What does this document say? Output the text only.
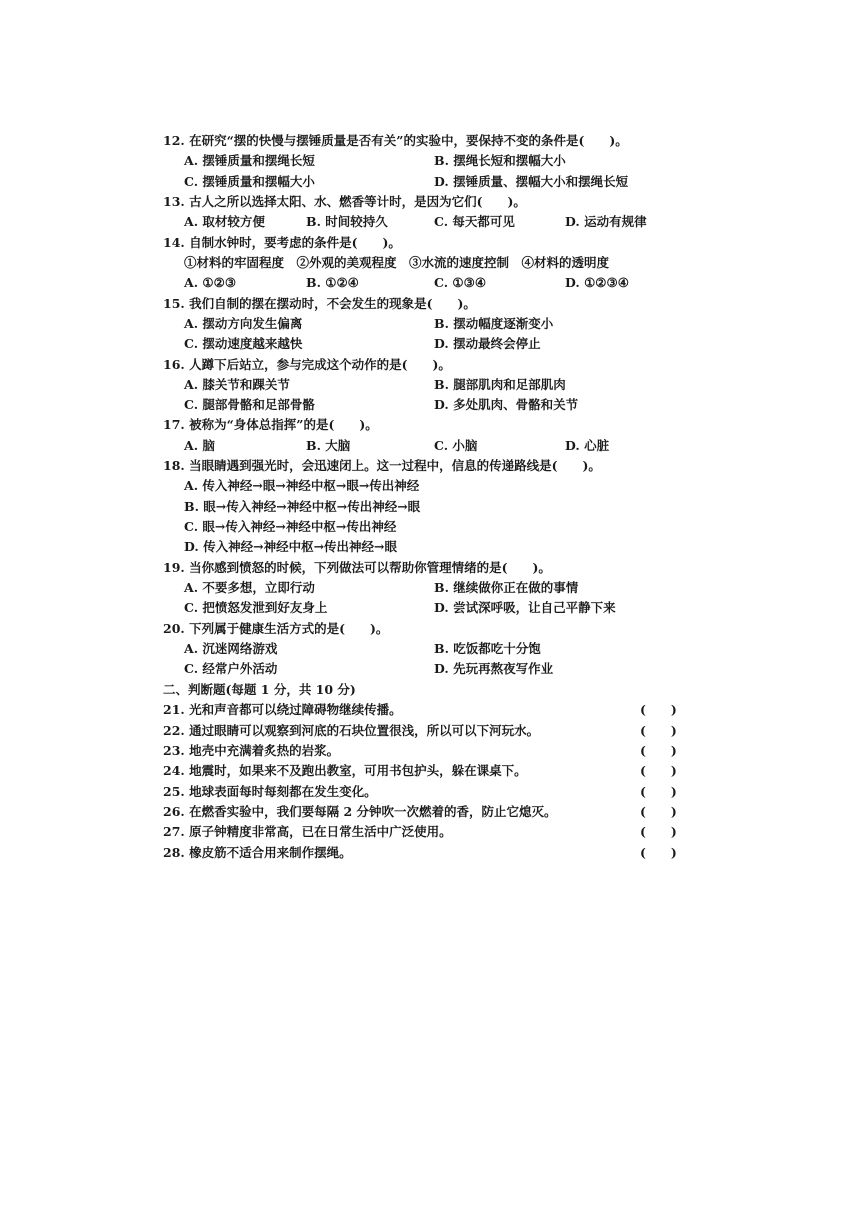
12. 在研究“摆的快慢与摆锤质量是否有关”的实验中，要保持不变的条件是(　　)。
A. 摆锤质量和摆绳长短	B. 摆绳长短和摆幅大小
C. 摆锤质量和摆幅大小	D. 摆锤质量、摆幅大小和摆绳长短
13. 古人之所以选择太阳、水、燃香等计时，是因为它们(　　)。
A. 取材较方便	B. 时间较持久	C. 每天都可见	D. 运动有规律
14. 自制水钟时，要考虑的条件是(　　)。
①材料的牢固程度　②外观的美观程度　③水流的速度控制　④材料的透明度
A. ①②③	B. ①②④	C. ①③④	D. ①②③④
15. 我们自制的摆在摆动时，不会发生的现象是(　　)。
A. 摆动方向发生偏离	B. 摆动幅度逐渐变小
C. 摆动速度越来越快	D. 摆动最终会停止
16. 人蹲下后站立，参与完成这个动作的是(　　)。
A. 膝关节和踝关节	B. 腿部肌肉和足部肌肉
C. 腿部骨骼和足部骨骼	D. 多处肌肉、骨骼和关节
17. 被称为“身体总指挥”的是(　　)。
A. 脑	B. 大脑	C. 小脑	D. 心脏
18. 当眼睛遇到强光时，会迅速闭上。这一过程中，信息的传递路线是(　　)。
A. 传入神经→眼→神经中枢→眼→传出神经
B. 眼→传入神经→神经中枢→传出神经→眼
C. 眼→传入神经→神经中枢→传出神经
D. 传入神经→神经中枢→传出神经→眼
19. 当你感到愤怒的时候，下列做法可以帮助你管理情绪的是(　　)。
A. 不要多想，立即行动	B. 继续做你正在做的事情
C. 把愤怒发泄到好友身上	D. 尝试深呼吸，让自己平静下来
20. 下列属于健康生活方式的是(　　)。
A. 沉迷网络游戏	B. 吃饭都吃十分饱
C. 经常户外活动	D. 先玩再熬夜写作业
二、判断题(每题 1 分，共 10 分)
21. 光和声音都可以绕过障碍物继续传播。	(　　)
22. 通过眼睛可以观察到河底的石块位置很浅，所以可以下河玩水。	(　　)
23. 地壳中充满着炙热的岩浆。	(　　)
24. 地震时，如果来不及跑出教室，可用书包护头，躲在课桌下。	(　　)
25. 地球表面每时每刻都在发生变化。	(　　)
26. 在燃香实验中，我们要每隔 2 分钟吹一次燃着的香，防止它熄灭。	(　　)
27. 原子钟精度非常高，已在日常生活中广泛使用。	(　　)
28. 橡皮筋不适合用来制作摆绳。	(　　)
